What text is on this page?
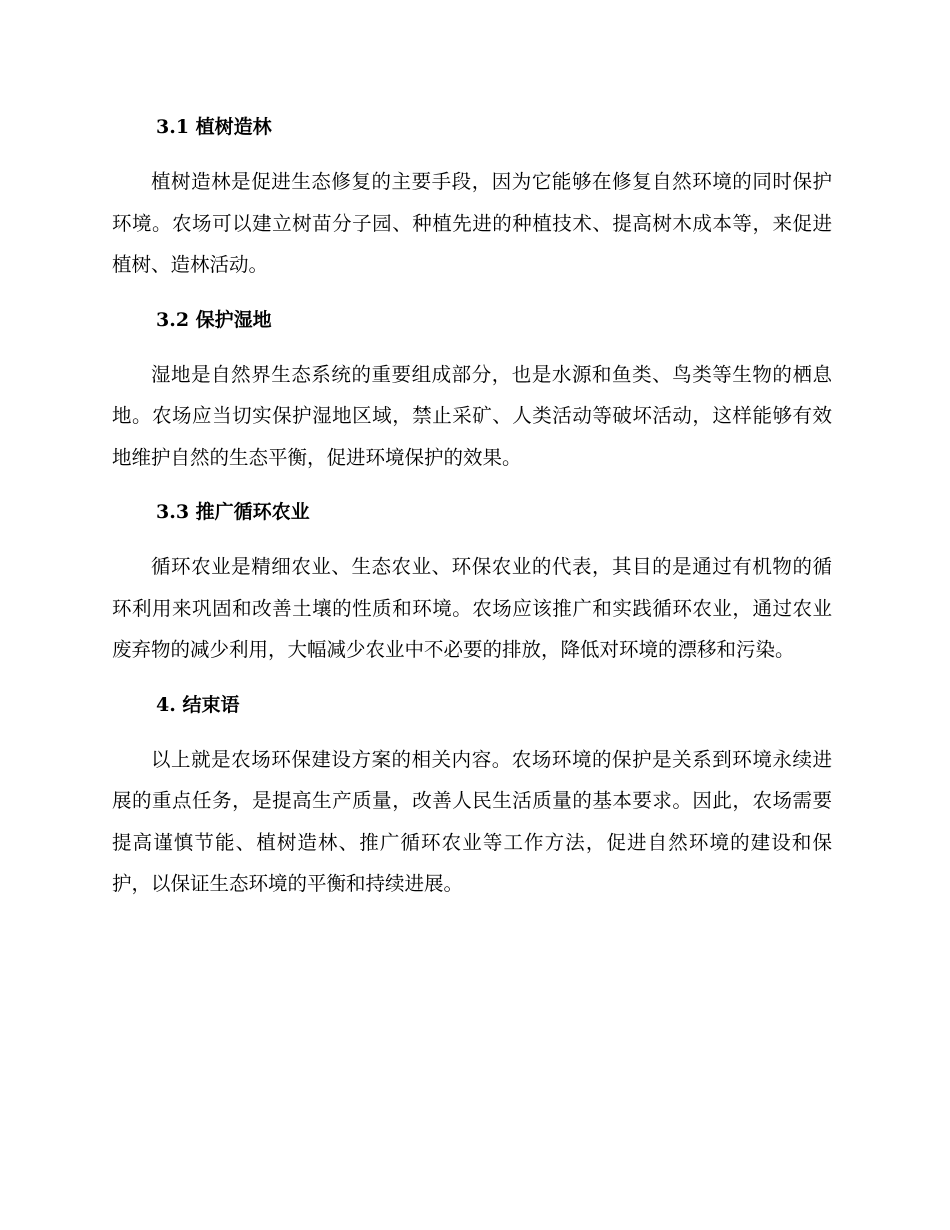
3.1 植树造林

植树造林是促进生态修复的主要手段，因为它能够在修复自然环境的同时保护环境。农场可以建立树苗分子园、种植先进的种植技术、提高树木成本等，来促进植树、造林活动。

3.2 保护湿地

湿地是自然界生态系统的重要组成部分，也是水源和鱼类、鸟类等生物的栖息地。农场应当切实保护湿地区域，禁止采矿、人类活动等破坏活动，这样能够有效地维护自然的生态平衡，促进环境保护的效果。

3.3 推广循环农业

循环农业是精细农业、生态农业、环保农业的代表，其目的是通过有机物的循环利用来巩固和改善土壤的性质和环境。农场应该推广和实践循环农业，通过农业废弃物的减少利用，大幅减少农业中不必要的排放，降低对环境的漂移和污染。

4. 结束语

以上就是农场环保建设方案的相关内容。农场环境的保护是关系到环境永续进展的重点任务，是提高生产质量，改善人民生活质量的基本要求。因此，农场需要提高谨慎节能、植树造林、推广循环农业等工作方法，促进自然环境的建设和保护，以保证生态环境的平衡和持续进展。
